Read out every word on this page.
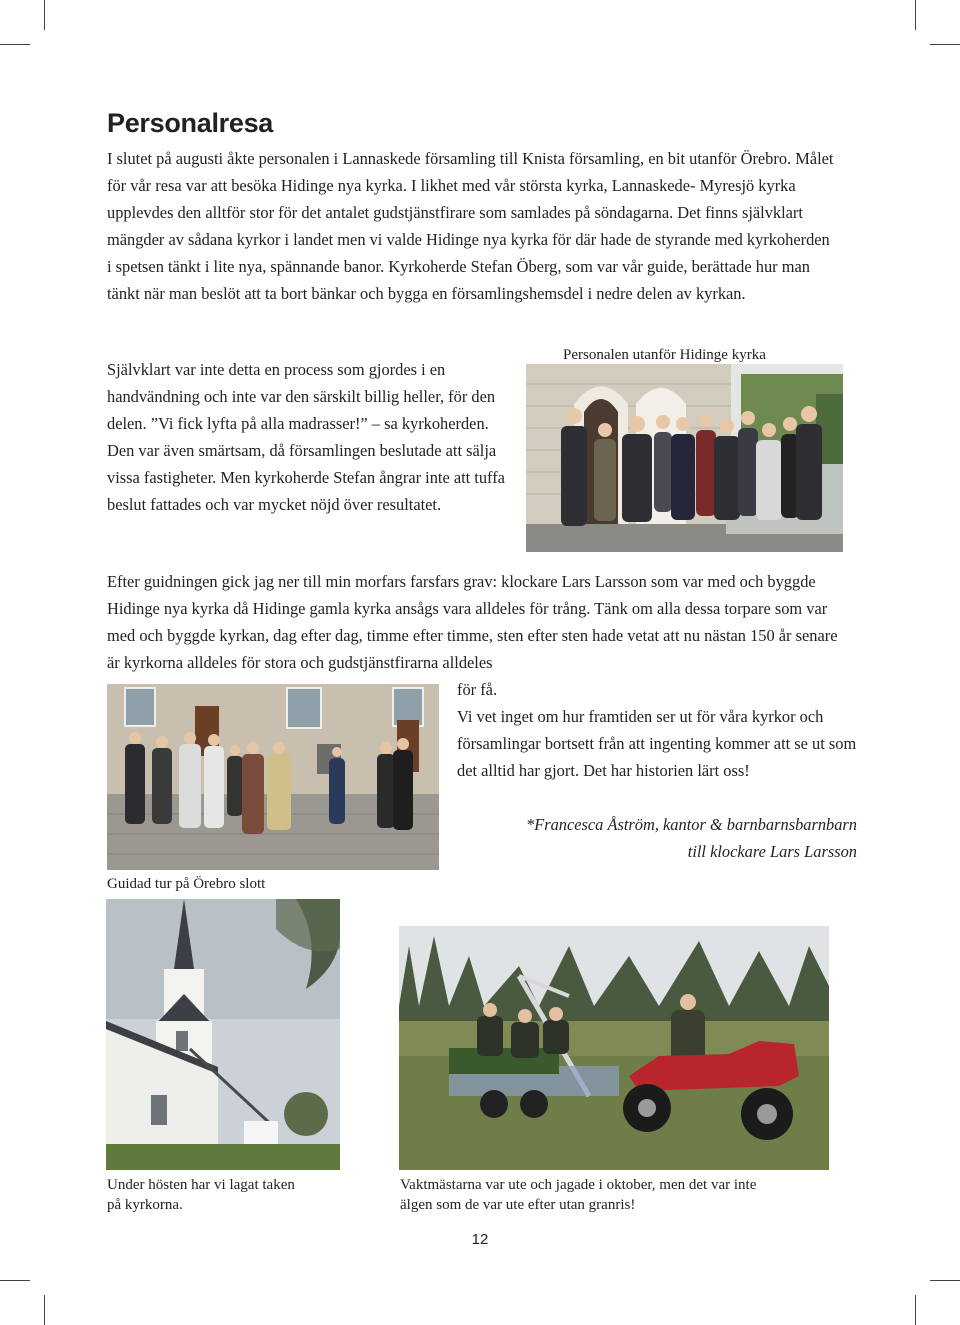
Personalresa

I slutet på augusti åkte personalen i Lannaskede församling till Knista församling, en bit utanför Örebro. Målet för vår resa var att besöka Hidinge nya kyrka. I likhet med vår största kyrka, Lannaskede- Myresjö kyrka upplevdes den alltför stor för det antalet gudstjänstfirare som samlades på söndagarna. Det finns självklart mängder av sådana kyrkor i landet men vi valde Hidinge nya kyrka för där hade de styrande med kyrkoherden i spetsen tänkt i lite nya, spännande banor. Kyrkoherde Stefan Öberg, som var vår guide, berättade hur man tänkt när man beslöt att ta bort bänkar och bygga en församlingshemsdel i nedre delen av kyrkan.

Personalen utanför Hidinge kyrka

Självklart var inte detta en process som gjordes i en handvändning och inte var den särskilt billig heller, för den delen. ”Vi fick lyfta på alla madrasser!” – sa kyrkoherden. Den var även smärtsam, då församlingen beslutade att sälja vissa fastigheter. Men kyrkoherde Stefan ångrar inte att tuffa beslut fattades och var mycket nöjd över resultatet.

Efter guidningen gick jag ner till min morfars farsfars grav: klockare Lars Larsson som var med och byggde Hidinge nya kyrka då Hidinge gamla kyrka ansågs vara alldeles för trång. Tänk om alla dessa torpare som var med och byggde kyrkan, dag efter dag, timme efter timme, sten efter sten hade vetat att nu nästan 150 år senare är kyrkorna alldeles för stora och gudstjänstfirarna alldeles

för få.
Vi vet inget om hur framtiden ser ut för våra kyrkor och församlingar bortsett från att ingenting kommer att se ut som det alltid har gjort. Det har historien lärt oss!

*Francesca Åström, kantor & barnbarnsbarnbarn
till klockare Lars Larsson

Guidad tur på Örebro slott

Under hösten har vi lagat taken
på kyrkorna.

Vaktmästarna var ute och jagade i oktober, men det var inte
älgen som de var ute efter utan granris!

12
